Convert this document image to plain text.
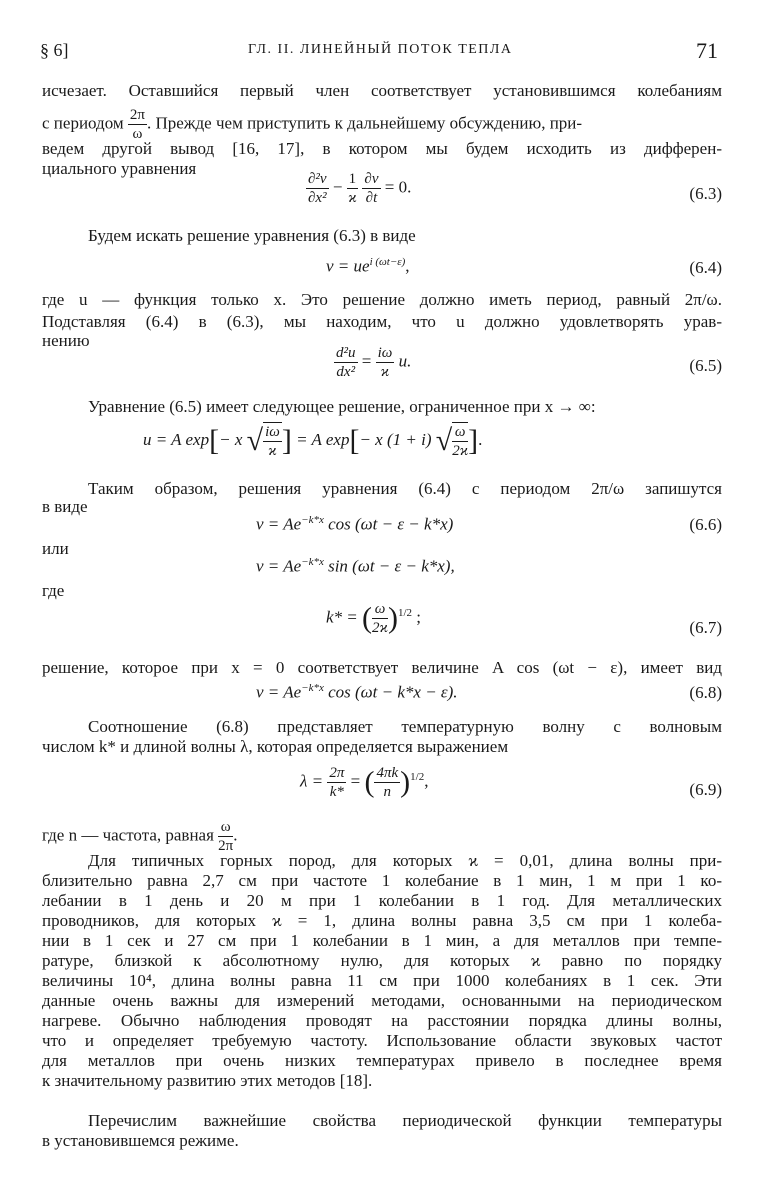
§ 6]	ГЛ. II. ЛИНЕЙНЫЙ ПОТОК ТЕПЛА	71
исчезает. Оставшийся первый член соответствует установившимся колебаниям
с периодом $\frac{2\pi}{\omega}$ . Прежде чем приступить к дальнейшему обсуждению, при-
ведем другой вывод [16, 17], в котором мы будем исходить из дифферен-
циального уравнения
$\frac{\text{∂²v}}{\text{∂x²}} - \frac{1}{ϰ}$
$\frac{\partial v}{\partial t} = 0$.	(6.3)
Будем искать решение уравнения (6.3) в виде
$v = ue^{i (\omega t-\varepsilon)}$,	(6.4)
где u — функция только x. Это решение должно иметь период, равный 2π/ω.
Подставляя (6.4) в (6.3), мы находим, что u должно удовлетворять урав-
нению
$\frac{\text{d²u}}{\text{dx²}} = \frac{i\omega}{ϰ} u$.	(6.5)
Уравнение (6.5) имеет следующее решение, ограниченное при x → ∞:
u = A exp[− x √ $\frac{i\omega}{ϰ}$ ] = A exp[− x (1 + i) √ $\frac{\omega}{2ϰ}$ ].
Таким образом, решения уравнения (6.4) с периодом 2π/ω запишутся
в виде
$v = Ae^{-k*x}$ cos (ωt − ε − k*x)	(6.6)
или
$v = Ae^{-k*x}$ sin (ωt − ε − k*x),
где
k* = ( $\frac{\omega}{2ϰ} )^{1/2}$ ;
(6.7)
решение, которое при x = 0 соответствует величине A cos (ωt − ε), имеет вид
$v = Ae^{-k*x}$ cos (ωt − k*x − ε).	(6.8)
Соотношение (6.8) представляет температурную волну с волновым
числом k* и длиной волны λ, которая определяется выражением
$\lambda = \frac{2\pi}{k*}$ = ( $\frac{4\pi k}{n} )^{1/2}$,	(6.9)
где n — частота, равная $\frac{\omega}{2\pi}$ .
Для типичных горных пород, для которых ϰ = 0,01, длина волны при-
близительно равна 2,7 см при частоте 1 колебание в 1 мин, 1 м при 1 ко-
лебании в 1 день и 20 м при 1 колебании в 1 год. Для металлических
проводников, для которых ϰ = 1, длина волны равна 3,5 см при 1 колеба-
нии в 1 сек и 27 см при 1 колебании в 1 мин, а для металлов при темпе-
ратуре, близкой к абсолютному нулю, для которых ϰ равно по порядку
величины 10⁴, длина волны равна 11 см при 1000 колебаниях в 1 сек. Эти
данные очень важны для измерений методами, основанными на периодическом
нагреве. Обычно наблюдения проводят на расстоянии порядка длины волны,
что и определяет требуемую частоту. Использование области звуковых частот
для металлов при очень низких температурах привело в последнее время
к значительному развитию этих методов [18].
Перечислим важнейшие свойства периодической функции температуры
в установившемся режиме.
